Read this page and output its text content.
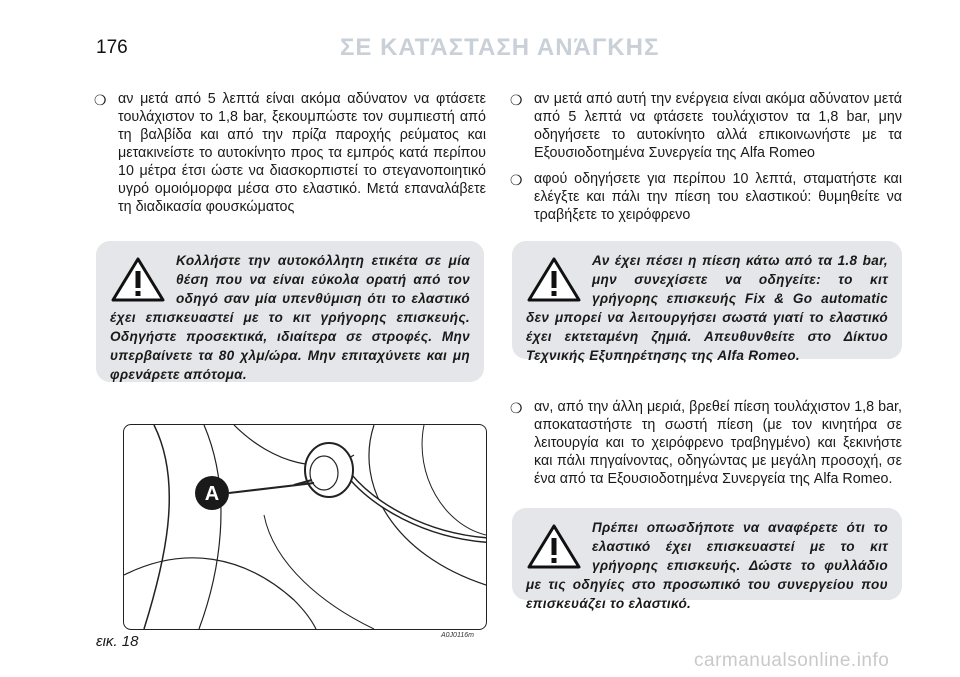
176	ΣΕ ΚΑΤΆΣΤΑΣΗ ΑΝΆΓΚΗΣ

❍ αν μετά από 5 λεπτά είναι ακόμα αδύνατον να φτάσετε τουλάχιστον το 1,8 bar, ξεκουμπώστε τον συμπιεστή από τη βαλβίδα και από την πρίζα παροχής ρεύματος και μετακινείστε το αυτοκίνητο προς τα εμπρός κατά περίπου 10 μέτρα έτσι ώστε να διασκορπιστεί το στεγανοποιητικό υγρό ομοιόμορφα μέσα στο ελαστικό. Μετά επαναλάβετε τη διαδικασία φουσκώματος

Κολλήστε την αυτοκόλλητη ετικέτα σε μία θέση που να είναι εύκολα ορατή από τον οδηγό σαν μία υπενθύμιση ότι το ελαστικό έχει επισκευαστεί με το κιτ γρήγορης επισκευής. Οδηγήστε προσεκτικά, ιδιαίτερα σε στροφές. Μην υπερβαίνετε τα 80 χλμ/ώρα. Μην επιταχύνετε και μη φρενάρετε απότομα.
A
εικ. 18	A0J0116m

❍ αν μετά από αυτή την ενέργεια είναι ακόμα αδύνατον μετά από 5 λεπτά να φτάσετε τουλάχιστον τα 1,8 bar, μην οδηγήσετε το αυτοκίνητο αλλά επικοινωνήστε με τα Εξουσιοδοτημένα Συνεργεία της Alfa Romeo

❍ αφού οδηγήσετε για περίπου 10 λεπτά, σταματήστε και ελέγξτε και πάλι την πίεση του ελαστικού: θυμηθείτε να τραβήξετε το χειρόφρενο

Αν έχει πέσει η πίεση κάτω από τα 1.8 bar, μην συνεχίσετε να οδηγείτε: το κιτ γρήγορης επισκευής Fix & Go automatic δεν μπορεί να λειτουργήσει σωστά γιατί το ελαστικό έχει εκτεταμένη ζημιά. Απευθυνθείτε στο Δίκτυο Τεχνικής Εξυπηρέτησης της Alfa Romeo.

❍ αν, από την άλλη μεριά, βρεθεί πίεση τουλάχιστον 1,8 bar, αποκαταστήστε τη σωστή πίεση (με τον κινητήρα σε λειτουργία και το χειρόφρενο τραβηγμένο) και ξεκινήστε και πάλι πηγαίνοντας, οδηγώντας με μεγάλη προσοχή, σε ένα από τα Εξουσιοδοτημένα Συνεργεία της Alfa Romeo.

Πρέπει οπωσδήποτε να αναφέρετε ότι το ελαστικό έχει επισκευαστεί με το κιτ γρήγορης επισκευής. Δώστε το φυλλάδιο με τις οδηγίες στο προσωπικό του συνεργείου που επισκευάζει το ελαστικό.
carmanualsonline.info
